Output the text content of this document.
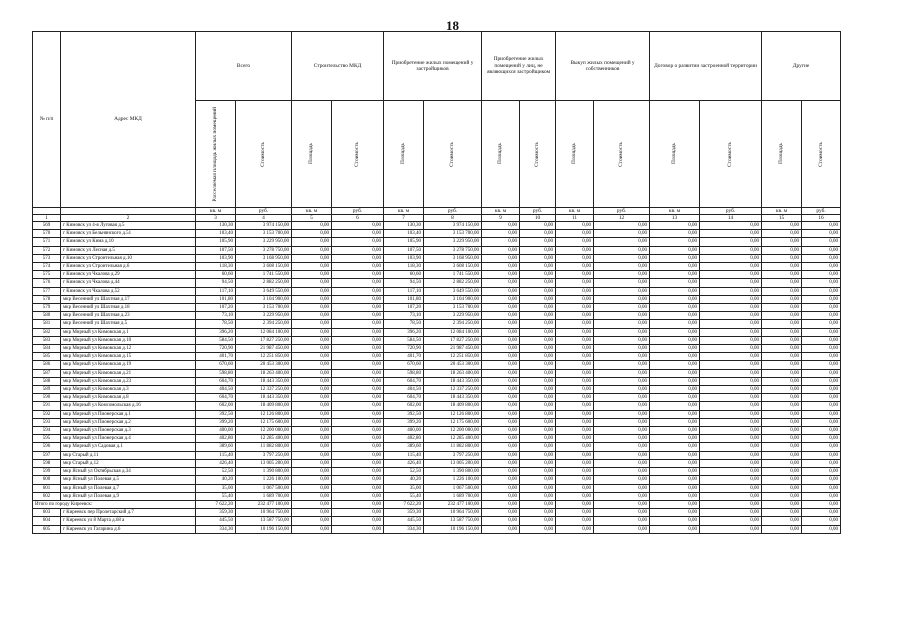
18
№ п/п	Адрес МКД	Всего		Строительство МКД		Приобретение жилых помещений у застройщиков		Приобретение жилых помещений у лиц, не являющихся застройщиком		Выкуп жилых помещений у собственников		Договор о развитии застроенной территории		Другие	

		Расселяемая площадь жилых помещений	Стоимость	Площадь	Стоимость	Площадь	Стоимость	Площадь	Стоимость	Площадь	Стоимость	Площадь	Стоимость	Площадь	Стоимость

		кв. м	руб.	кв. м	руб.	кв. м	руб.	кв. м	руб.	кв. м	руб.	кв. м	руб.	кв. м	руб.
1	2	3	4	5	6	7	8	9	10	11	12	13	14	15	16
569	г Кимовск ул 4-я Луговая д.5	130,30	3 974 150,00	0,00	0,00	130,30	3 974 150,00	0,00	0,00	0,00	0,00	0,00	0,00	0,00	0,00
570	г Кимовск ул Бельнянского д.51	103,40	3 153 700,00	0,00	0,00	103,40	3 153 700,00	0,00	0,00	0,00	0,00	0,00	0,00	0,00	0,00
571	г Кимовск ул Кима д.10	105,90	3 229 950,00	0,00	0,00	105,90	3 229 950,00	0,00	0,00	0,00	0,00	0,00	0,00	0,00	0,00
572	г Кимовск ул Лесная д.5	107,50	3 278 750,00	0,00	0,00	107,50	3 278 750,00	0,00	0,00	0,00	0,00	0,00	0,00	0,00	0,00
573	г Кимовск ул Строительная д.10	103,90	3 168 950,00	0,00	0,00	103,90	3 168 950,00	0,00	0,00	0,00	0,00	0,00	0,00	0,00	0,00
574	г Кимовск ул Строительная д.6	118,30	3 608 150,00	0,00	0,00	118,30	3 608 150,00	0,00	0,00	0,00	0,00	0,00	0,00	0,00	0,00
575	г Кимовск ул Чкалова д.29	60,60	1 741 550,00	0,00	0,00	60,60	1 741 550,00	0,00	0,00	0,00	0,00	0,00	0,00	0,00	0,00
576	г Кимовск ул Чкалова д.44	94,50	2 882 250,00	0,00	0,00	94,50	2 882 250,00	0,00	0,00	0,00	0,00	0,00	0,00	0,00	0,00
577	г Кимовск ул Чкалова д.52	117,10	3 649 550,00	0,00	0,00	117,10	3 649 550,00	0,00	0,00	0,00	0,00	0,00	0,00	0,00	0,00
578	мкр Весенний ул Шахтная д.17	101,80	3 104 900,00	0,00	0,00	101,80	3 104 900,00	0,00	0,00	0,00	0,00	0,00	0,00	0,00	0,00
579	мкр Весенний ул Шахтная д.18	107,20	3 153 700,00	0,00	0,00	107,20	3 153 700,00	0,00	0,00	0,00	0,00	0,00	0,00	0,00	0,00
580	мкр Весенний ул Шахтная д.23	73,10	3 229 950,00	0,00	0,00	73,10	3 229 950,00	0,00	0,00	0,00	0,00	0,00	0,00	0,00	0,00
581	мкр Весенний ул Шахтная д.5	78,50	2 394 250,00	0,00	0,00	78,50	2 394 250,00	0,00	0,00	0,00	0,00	0,00	0,00	0,00	0,00
582	мкр Мирный ул Кимовская д.1	396,20	12 084 100,00	0,00	0,00	396,20	12 084 100,00	0,00	0,00	0,00	0,00	0,00	0,00	0,00	0,00
583	мкр Мирный ул Кимовская д.10	584,50	17 827 250,00	0,00	0,00	584,50	17 827 250,00	0,00	0,00	0,00	0,00	0,00	0,00	0,00	0,00
584	мкр Мирный ул Кимовская д.12	720,90	21 987 450,00	0,00	0,00	720,90	21 987 450,00	0,00	0,00	0,00	0,00	0,00	0,00	0,00	0,00
585	мкр Мирный ул Кимовская д.15	401,70	12 251 850,00	0,00	0,00	401,70	12 251 850,00	0,00	0,00	0,00	0,00	0,00	0,00	0,00	0,00
586	мкр Мирный ул Кимовская д.19	670,60	20 453 300,00	0,00	0,00	670,60	20 453 300,00	0,00	0,00	0,00	0,00	0,00	0,00	0,00	0,00
587	мкр Мирный ул Кимовская д.21	598,80	18 263 400,00	0,00	0,00	598,80	18 263 400,00	0,00	0,00	0,00	0,00	0,00	0,00	0,00	0,00
588	мкр Мирный ул Кимовская д.23	604,70	18 443 350,00	0,00	0,00	604,70	18 443 350,00	0,00	0,00	0,00	0,00	0,00	0,00	0,00	0,00
589	мкр Мирный ул Кимовская д.3	404,50	12 337 250,00	0,00	0,00	404,50	12 337 250,00	0,00	0,00	0,00	0,00	0,00	0,00	0,00	0,00
590	мкр Мирный ул Кимовская д.8	604,70	18 443 350,00	0,00	0,00	604,70	18 443 350,00	0,00	0,00	0,00	0,00	0,00	0,00	0,00	0,00
591	мкр Мирный ул Комсомольская д.16	602,00	18 409 800,00	0,00	0,00	602,00	18 409 800,00	0,00	0,00	0,00	0,00	0,00	0,00	0,00	0,00
592	мкр Мирный ул Пионерская д.1	392,50	12 126 800,00	0,00	0,00	392,50	12 126 800,00	0,00	0,00	0,00	0,00	0,00	0,00	0,00	0,00
593	мкр Мирный ул Пионерская д.2	399,20	12 175 600,00	0,00	0,00	399,20	12 175 600,00	0,00	0,00	0,00	0,00	0,00	0,00	0,00	0,00
594	мкр Мирный ул Пионерская д.3	400,00	12 200 000,00	0,00	0,00	400,00	12 200 000,00	0,00	0,00	0,00	0,00	0,00	0,00	0,00	0,00
595	мкр Мирный ул Пионерская д.4	402,80	12 285 400,00	0,00	0,00	402,80	12 285 400,00	0,00	0,00	0,00	0,00	0,00	0,00	0,00	0,00
596	мкр Мирный ул Садовая д.1	389,60	11 882 800,00	0,00	0,00	389,60	11 882 800,00	0,00	0,00	0,00	0,00	0,00	0,00	0,00	0,00
597	мкр Старый д.11	115,40	3 797 250,00	0,00	0,00	115,40	3 797 250,00	0,00	0,00	0,00	0,00	0,00	0,00	0,00	0,00
598	мкр Старый д.12	426,40	13 005 200,00	0,00	0,00	426,40	13 005 200,00	0,00	0,00	0,00	0,00	0,00	0,00	0,00	0,00
599	мкр Ясный ул Октябрьская д.34	52,50	1 390 800,00	0,00	0,00	52,50	1 390 800,00	0,00	0,00	0,00	0,00	0,00	0,00	0,00	0,00
600	мкр Ясный ул Полевая д.5	40,20	1 226 100,00	0,00	0,00	40,20	1 226 100,00	0,00	0,00	0,00	0,00	0,00	0,00	0,00	0,00
601	мкр Ясный ул Полевая д.7	35,00	1 067 500,00	0,00	0,00	35,00	1 067 500,00	0,00	0,00	0,00	0,00	0,00	0,00	0,00	0,00
602	мкр Ясный ул Полевая д.9	55,40	1 689 700,00	0,00	0,00	55,40	1 689 700,00	0,00	0,00	0,00	0,00	0,00	0,00	0,00	0,00
Итого по городу Киреевск:		7 622,20	232 477 100,00	0,00	0,00	7 622,20	232 477 100,00	0,00	0,00	0,00	0,00	0,00	0,00	0,00	0,00
603	г Киреевск пер Пролетарский д.7	359,30	10 964 750,00	0,00	0,00	359,30	10 964 750,00	0,00	0,00	0,00	0,00	0,00	0,00	0,00	0,00
604	г Киреевск ул 8 Марта д.68 а	445,50	13 587 750,00	0,00	0,00	445,50	13 587 750,00	0,00	0,00	0,00	0,00	0,00	0,00	0,00	0,00
605	г Киреевск ул Гагарина д.6	334,30	10 196 150,00	0,00	0,00	334,30	10 196 150,00	0,00	0,00	0,00	0,00	0,00	0,00	0,00	0,00
